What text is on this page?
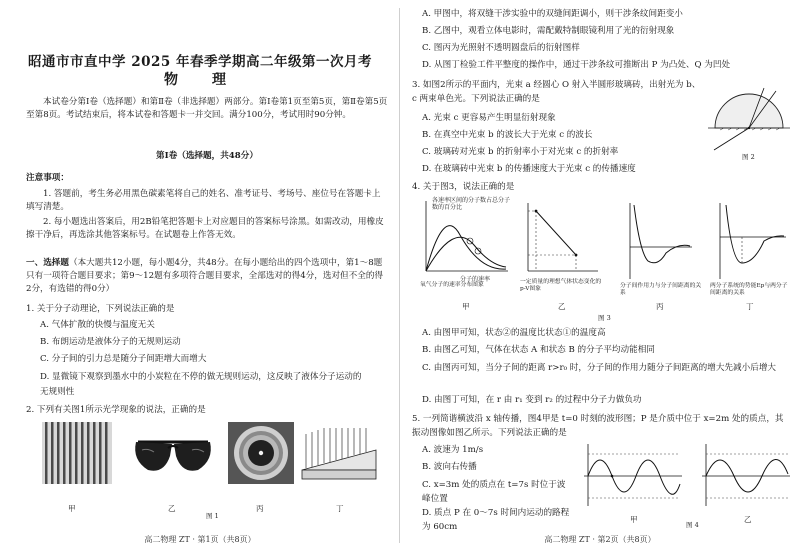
昭通市市直中学 2025 年春季学期高二年级第一次月考
物　理
本试卷分第Ⅰ卷（选择题）和第Ⅱ卷（非选择题）两部分。第Ⅰ卷第1页至第5页，第Ⅱ卷第5页至第8页。考试结束后，将本试卷和答题卡一并交回。满分100分，考试用时90分钟。
第Ⅰ卷（选择题，共48分）
注意事项：
1. 答题前，考生务必用黑色碳素笔将自己的姓名、准考证号、考场号、座位号在答题卡上填写清楚。
2. 每小题选出答案后，用2B铅笔把答题卡上对应题目的答案标号涂黑。如需改动，用橡皮擦干净后，再选涂其他答案标号。在试题卷上作答无效。
一、选择题（本大题共12小题，每小题4分，共48分。在每小题给出的四个选项中，第1～8题只有一项符合题目要求；第9～12题有多项符合题目要求，全部选对的得4分，选对但不全的得2分，有选错的得0分）
1. 关于分子动理论，下列说法正确的是
A. 气体扩散的快慢与温度无关
B. 布朗运动是液体分子的无规则运动
C. 分子间的引力总是随分子间距增大而增大
D. 显微镜下观察到墨水中的小炭粒在不停的做无规则运动，这反映了液体分子运动的无规则性
2. 下列有关图1所示光学现象的说法，正确的是
甲	乙	丙	丁
图 1
高二物理 ZT · 第1页（共8页）
A. 甲图中，将双缝干涉实验中的双缝间距调小，则干涉条纹间距变小
B. 乙图中，观看立体电影时，需配戴特制眼镜利用了光的衍射现象
C. 图丙为光照射不透明圆盘后的衍射图样
D. 从图丁检验工件平整度的操作中，通过干涉条纹可推断出 P 为凸处、Q 为凹处
3. 如图2所示的平面内，光束 a 经圆心 O 射入半圆形玻璃砖，出射光为 b、c 两束单色光。下列说法正确的是
A. 光束 c 更容易产生明显衍射现象
B. 在真空中光束 b 的波长大于光束 c 的波长
C. 玻璃砖对光束 b 的折射率小于对光束 c 的折射率
D. 在玻璃砖中光束 b 的传播速度大于光束 c 的传播速度
图 2
4. 关于图3，说法正确的是
各速率区间的分子数占总分子数的百分比
分子的速率
氧气分子的速率分布图象	一定质量的理想气体状态变化的p-V图象	分子间作用力与分子间距离的关系
两分子系统的势能Ep与两分子间距离的关系
甲	乙	丙	丁
图 3
A. 由图甲可知，状态②的温度比状态①的温度高
B. 由图乙可知，气体在状态 A 和状态 B 的分子平均动能相同
C. 由图丙可知，当分子间的距离 r>r₀ 时，分子间的作用力随分子间距离的增大先减小后增大
D. 由图丁可知，在 r 由 r₁ 变到 r₂ 的过程中分子力做负功
5. 一列简谐横波沿 x 轴传播，图4甲是 t=0 时刻的波形图；P 是介质中位于 x=2m 处的质点，其振动图像如图乙所示。下列说法正确的是
A. 波速为 1m/s
B. 波向右传播
C. x=3m 处的质点在 t=7s 时位于波峰位置
D. 质点 P 在 0～7s 时间内运动的路程为 60cm
甲	乙
图 4
高二物理 ZT · 第2页（共8页）
